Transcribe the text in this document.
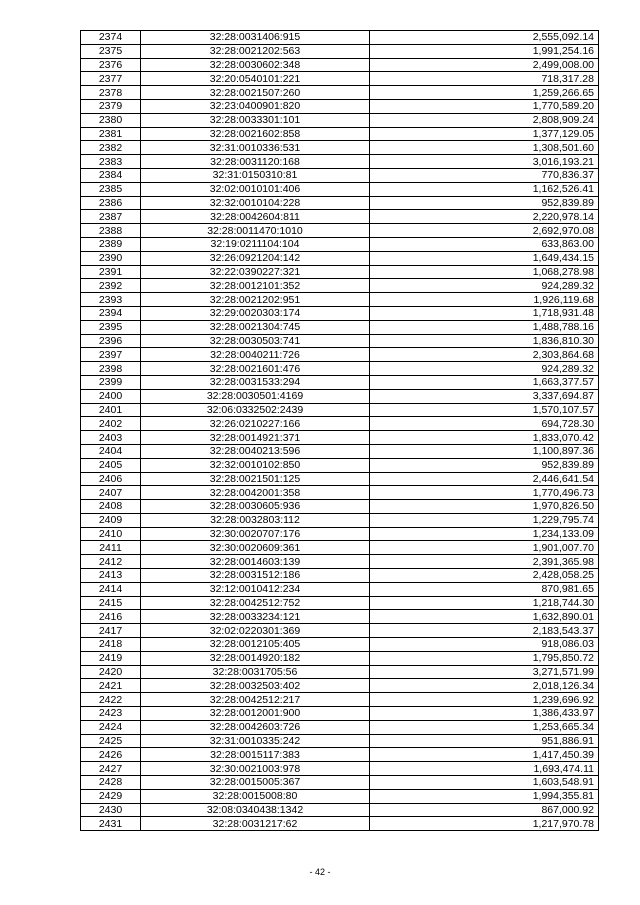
2374	32:28:0031406:915	2,555,092.14
2375	32:28:0021202:563	1,991,254.16
2376	32:28:0030602:348	2,499,008.00
2377	32:20:0540101:221	718,317.28
2378	32:28:0021507:260	1,259,266.65
2379	32:23:0400901:820	1,770,589.20
2380	32:28:0033301:101	2,808,909.24
2381	32:28:0021602:858	1,377,129.05
2382	32:31:0010336:531	1,308,501.60
2383	32:28:0031120:168	3,016,193.21
2384	32:31:0150310:81	770,836.37
2385	32:02:0010101:406	1,162,526.41
2386	32:32:0010104:228	952,839.89
2387	32:28:0042604:811	2,220,978.14
2388	32:28:0011470:1010	2,692,970.08
2389	32:19:0211104:104	633,863.00
2390	32:26:0921204:142	1,649,434.15
2391	32:22:0390227:321	1,068,278.98
2392	32:28:0012101:352	924,289.32
2393	32:28:0021202:951	1,926,119.68
2394	32:29:0020303:174	1,718,931.48
2395	32:28:0021304:745	1,488,788.16
2396	32:28:0030503:741	1,836,810.30
2397	32:28:0040211:726	2,303,864.68
2398	32:28:0021601:476	924,289.32
2399	32:28:0031533:294	1,663,377.57
2400	32:28:0030501:4169	3,337,694.87
2401	32:06:0332502:2439	1,570,107.57
2402	32:26:0210227:166	694,728.30
2403	32:28:0014921:371	1,833,070.42
2404	32:28:0040213:596	1,100,897.36
2405	32:32:0010102:850	952,839.89
2406	32:28:0021501:125	2,446,641.54
2407	32:28:0042001:358	1,770,496.73
2408	32:28:0030605:936	1,970,826.50
2409	32:28:0032803:112	1,229,795.74
2410	32:30:0020707:176	1,234,133.09
2411	32:30:0020609:361	1,901,007.70
2412	32:28:0014603:139	2,391,365.98
2413	32:28:0031512:186	2,428,058.25
2414	32:12:0010412:234	870,981.65
2415	32:28:0042512:752	1,218,744.30
2416	32:28:0033234:121	1,632,890.01
2417	32:02:0220301:369	2,183,543.37
2418	32:28:0012105:405	918,086.03
2419	32:28:0014920:182	1,795,850.72
2420	32:28:0031705:56	3,271,571.99
2421	32:28:0032503:402	2,018,126.34
2422	32:28:0042512:217	1,239,696.92
2423	32:28:0012001:900	1,386,433.97
2424	32:28:0042603:726	1,253,665.34
2425	32:31:0010335:242	951,886.91
2426	32:28:0015117:383	1,417,450.39
2427	32:30:0021003:978	1,693,474.11
2428	32:28:0015005:367	1,603,548.91
2429	32:28:0015008:80	1,994,355.81
2430	32:08:0340438:1342	867,000.92
2431	32:28:0031217:62	1,217,970.78
- 42 -
